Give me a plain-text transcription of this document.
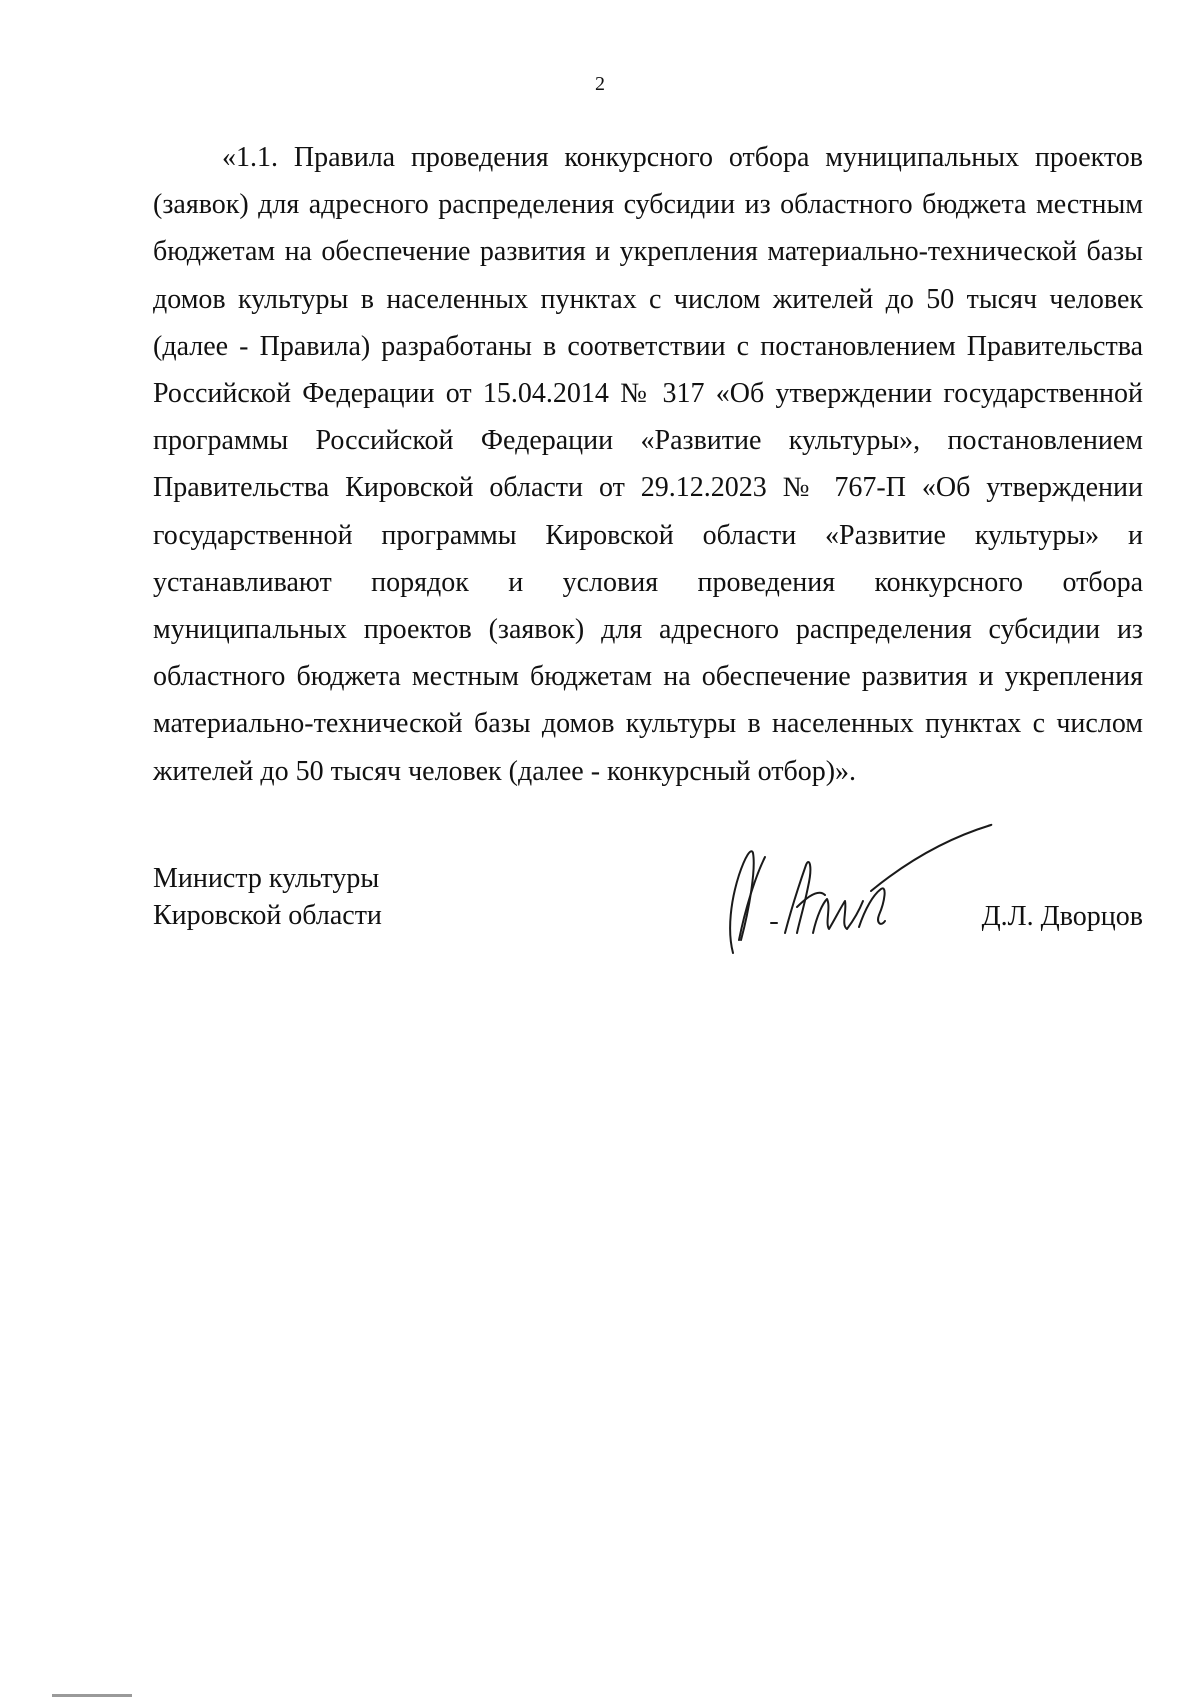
2

«1.1. Правила проведения конкурсного отбора муниципальных проектов (заявок) для адресного распределения субсидии из областного бюджета местным бюджетам на обеспечение развития и укрепления материально-технической базы домов культуры в населенных пунктах с числом жителей до 50 тысяч человек (далее - Правила) разработаны в соответствии с постановлением Правительства Российской Федерации от 15.04.2014 № 317 «Об утверждении государственной программы Российской Федерации «Развитие культуры», постановлением Правительства Кировской области от 29.12.2023 № 767-П «Об утверждении государственной программы Кировской области «Развитие культуры» и устанавливают порядок и условия проведения конкурсного отбора муниципальных проектов (заявок) для адресного распределения субсидии из областного бюджета местным бюджетам на обеспечение развития и укрепления материально-технической базы домов культуры в населенных пунктах с числом жителей до 50 тысяч человек (далее - конкурсный отбор)».

Министр культуры
Кировской области	Д.Л. Дворцов
